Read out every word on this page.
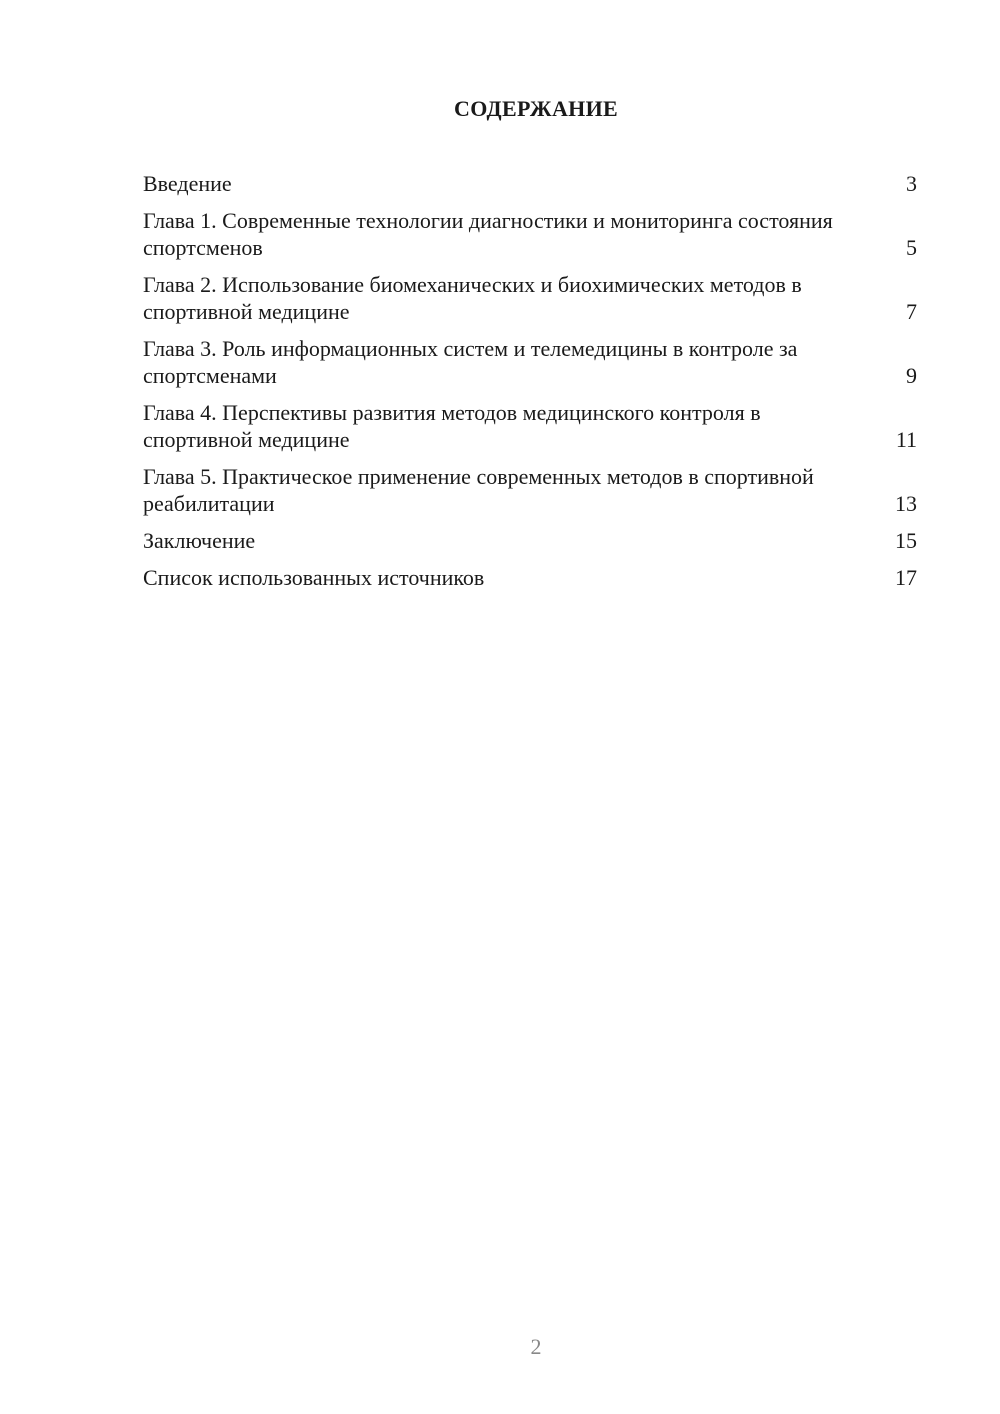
СОДЕРЖАНИЕ
Введение	3
Глава 1. Современные технологии диагностики и мониторинга состояния спортсменов	5
Глава 2. Использование биомеханических и биохимических методов в спортивной медицине	7
Глава 3. Роль информационных систем и телемедицины в контроле за спортсменами	9
Глава 4. Перспективы развития методов медицинского контроля в спортивной медицине	11
Глава 5. Практическое применение современных методов в спортивной реабилитации	13
Заключение	15
Список использованных источников	17
2
